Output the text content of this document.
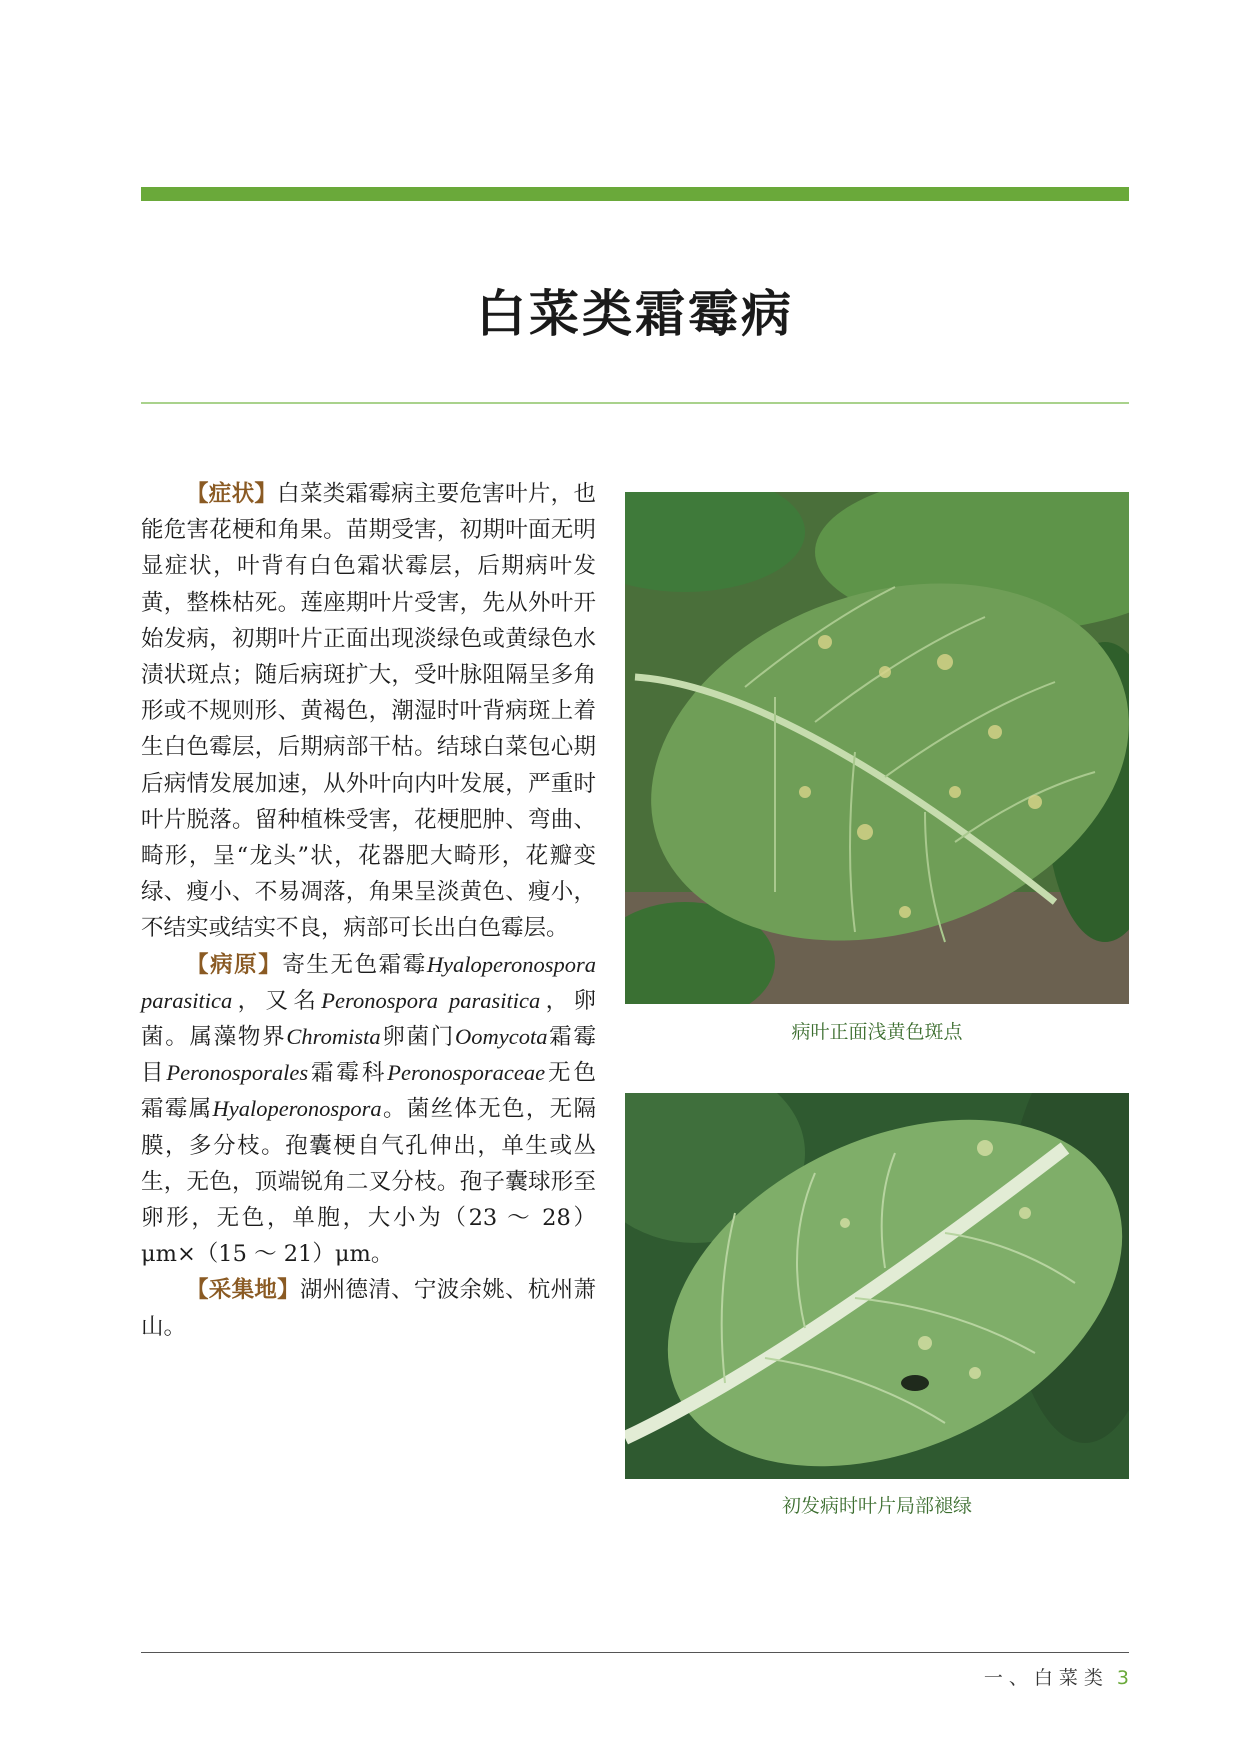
白菜类霜霉病

【症状】白菜类霜霉病主要危害叶片，也能危害花梗和角果。苗期受害，初期叶面无明显症状，叶背有白色霜状霉层，后期病叶发黄，整株枯死。莲座期叶片受害，先从外叶开始发病，初期叶片正面出现淡绿色或黄绿色水渍状斑点；随后病斑扩大，受叶脉阻隔呈多角形或不规则形、黄褐色，潮湿时叶背病斑上着生白色霉层，后期病部干枯。结球白菜包心期后病情发展加速，从外叶向内叶发展，严重时叶片脱落。留种植株受害，花梗肥肿、弯曲、畸形，呈“龙头”状，花器肥大畸形，花瓣变绿、瘦小、不易凋落，角果呈淡黄色、瘦小，不结实或结实不良，病部可长出白色霉层。

【病原】寄生无色霜霉Hyaloperonospora parasitica，又名Peronospora parasitica，卵菌。属藻物界Chromista卵菌门Oomycota霜霉目Peronosporales霜霉科Peronosporaceae无色霜霉属Hyaloperonospora。菌丝体无色，无隔膜，多分枝。孢囊梗自气孔伸出，单生或丛生，无色，顶端锐角二叉分枝。孢子囊球形至卵形，无色，单胞，大小为（23 ～ 28）μm×（15 ～ 21）μm。

【采集地】湖州德清、宁波余姚、杭州萧山。

病叶正面浅黄色斑点
初发病时叶片局部褪绿
一、白菜类 3
